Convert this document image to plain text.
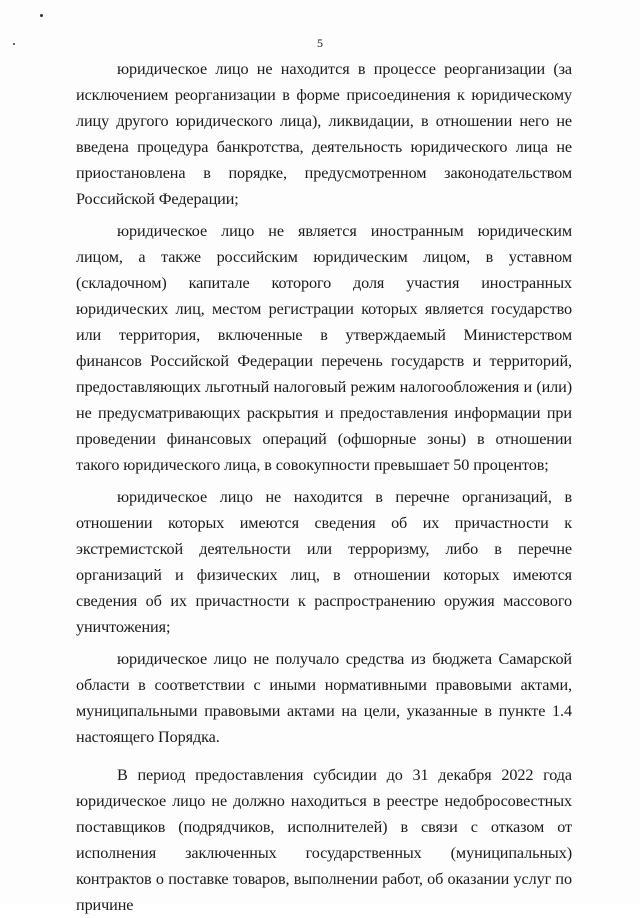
5

юридическое лицо не находится в процессе реорганизации (за исключением реорганизации в форме присоединения к юридическому лицу другого юридического лица), ликвидации, в отношении него не введена процедура банкротства, деятельность юридического лица не приостановлена в порядке, предусмотренном законодательством Российской Федерации;

юридическое лицо не является иностранным юридическим лицом, а также российским юридическим лицом, в уставном (складочном) капитале которого доля участия иностранных юридических лиц, местом регистрации которых является государство или территория, включенные в утверждаемый Министерством финансов Российской Федерации перечень государств и территорий, предоставляющих льготный налоговый режим налогообложения и (или) не предусматривающих раскрытия и предоставления информации при проведении финансовых операций (офшорные зоны) в отношении такого юридического лица, в совокупности превышает 50 процентов;

юридическое лицо не находится в перечне организаций, в отношении которых имеются сведения об их причастности к экстремистской деятельности или терроризму, либо в перечне организаций и физических лиц, в отношении которых имеются сведения об их причастности к распространению оружия массового уничтожения;

юридическое лицо не получало средства из бюджета Самарской области в соответствии с иными нормативными правовыми актами, муниципальными правовыми актами на цели, указанные в пункте 1.4 настоящего Порядка.

В период предоставления субсидии до 31 декабря 2022 года юридическое лицо не должно находиться в реестре недобросовестных поставщиков (подрядчиков, исполнителей) в связи с отказом от исполнения заключенных государственных (муниципальных) контрактов о поставке товаров, выполнении работ, об оказании услуг по причине
